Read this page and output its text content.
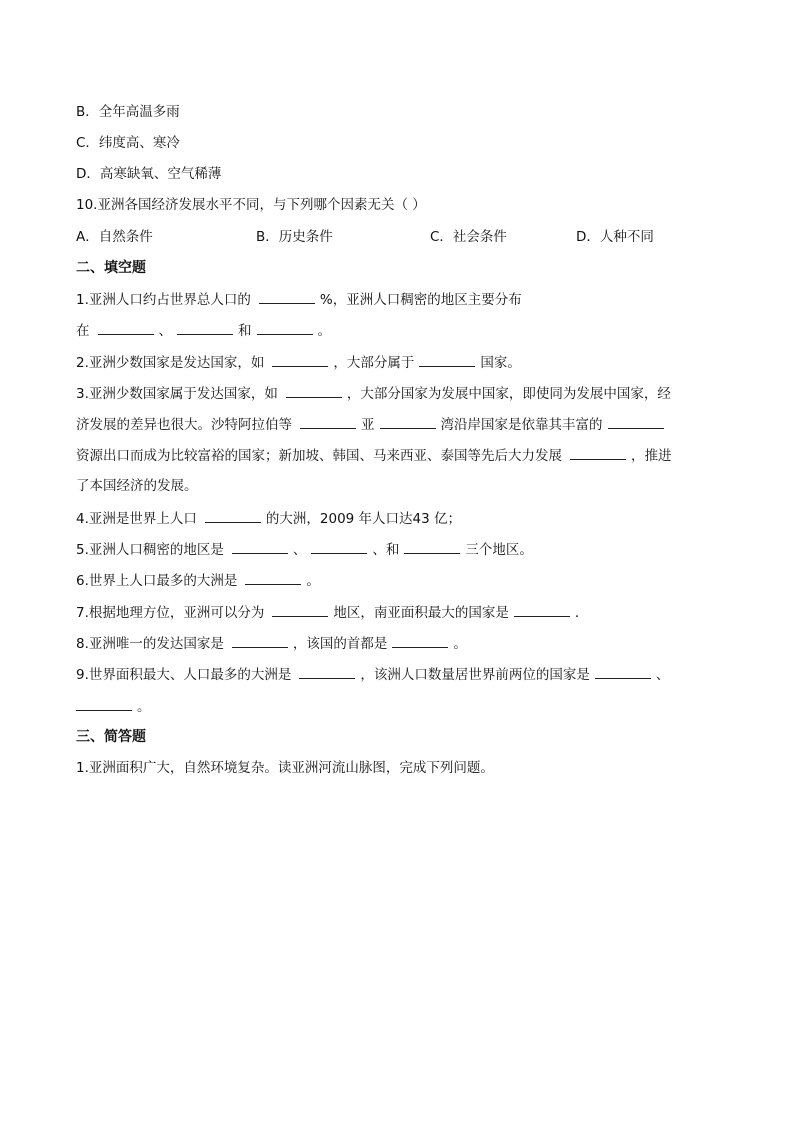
B．全年高温多雨
C．纬度高、寒冷
D．高寒缺氧、空气稀薄
10.亚洲各国经济发展水平不同，与下列哪个因素无关（ ）
A．自然条件	B．历史条件	C．社会条件	D．人种不同
二、填空题
1.亚洲人口约占世界总人口的	%，亚洲人口稠密的地区主要分布
在	、	和	。
2.亚洲少数国家是发达国家，如	，大部分属于	国家。
3.亚洲少数国家属于发达国家，如	，大部分国家为发展中国家，即使同为发展中国家，经
济发展的差异也很大。沙特阿拉伯等	亚	湾沿岸国家是依靠其丰富的
资源出口而成为比较富裕的国家；新加坡、韩国、马来西亚、泰国等先后大力发展	，推进
了本国经济的发展。
4.亚洲是世界上人口	的大洲，2009 年人口达43 亿；
5.亚洲人口稠密的地区是	、	、和	三个地区。
6.世界上人口最多的大洲是	。
7.根据地理方位，亚洲可以分为	地区，南亚面积最大的国家是	．
8.亚洲唯一的发达国家是	，该国的首都是	。
9.世界面积最大、人口最多的大洲是	，该洲人口数量居世界前两位的国家是	、
。
三、简答题
1.亚洲面积广大，自然环境复杂。读亚洲河流山脉图，完成下列问题。
